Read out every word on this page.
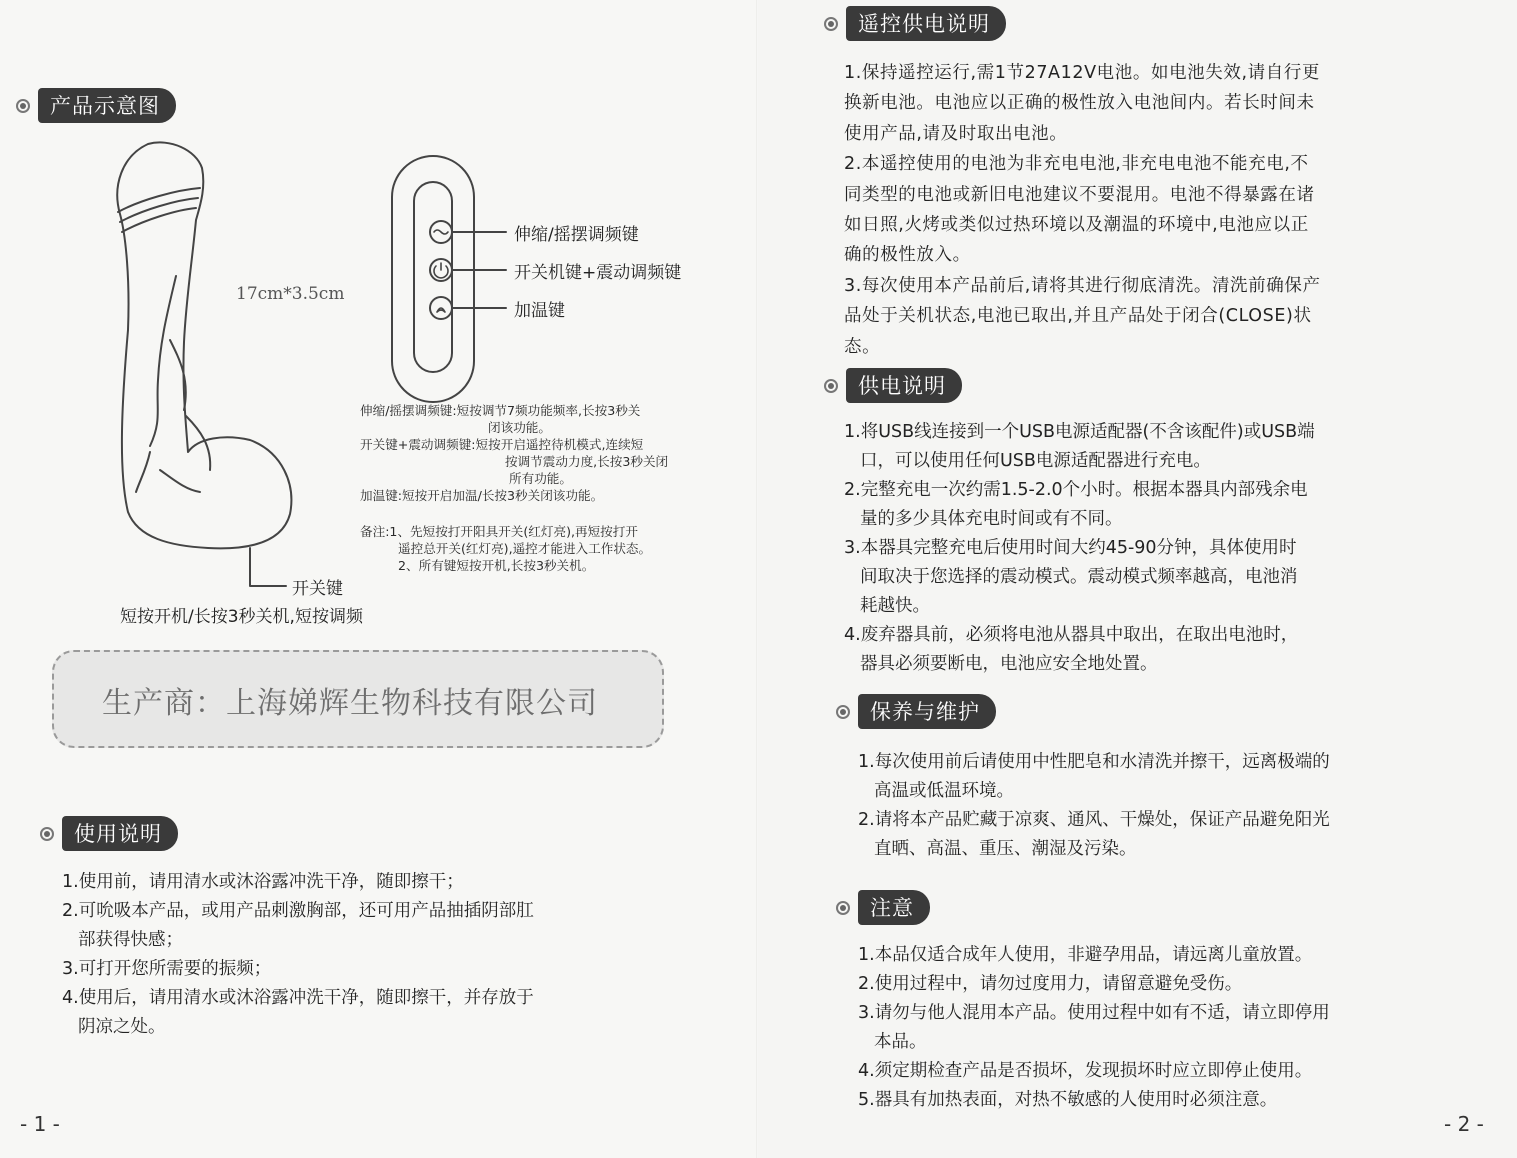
产品示意图
17cm*3.5cm
伸缩/摇摆调频键
开关机键+震动调频键
加温键
开关键
短按开机/长按3秒关机,短按调频

伸缩/摇摆调频键:短按调节7频功能频率,长按3秒关

闭该功能。

开关键+震动调频键:短按开启遥控待机模式,连续短

按调节震动力度,长按3秒关闭

所有功能。

加温键:短按开启加温/长按3秒关闭该功能。

备注:1、先短按打开阳具开关(红灯亮),再短按打开

遥控总开关(红灯亮),遥控才能进入工作状态。

2、所有键短按开机,长按3秒关机。

生产商：上海娣辉生物科技有限公司
使用说明

1.使用前，请用清水或沐浴露冲洗干净，随即擦干；

2.可吮吸本产品，或用产品刺激胸部，还可用产品抽插阴部肛

部获得快感；

3.可打开您所需要的振频；

4.使用后，请用清水或沐浴露冲洗干净，随即擦干，并存放于

阴凉之处。

- 1 -
遥控供电说明

1.保持遥控运行,需1节27A12V电池。如电池失效,请自行更

换新电池。电池应以正确的极性放入电池间内。若长时间未

使用产品,请及时取出电池。

2.本遥控使用的电池为非充电电池,非充电电池不能充电,不

同类型的电池或新旧电池建议不要混用。电池不得暴露在诸

如日照,火烤或类似过热环境以及潮温的环境中,电池应以正

确的极性放入。

3.每次使用本产品前后,请将其进行彻底清洗。清洗前确保产

品处于关机状态,电池已取出,并且产品处于闭合(CLOSE)状

态。

供电说明

1.将USB线连接到一个USB电源适配器(不含该配件)或USB端

口，可以使用任何USB电源适配器进行充电。

2.完整充电一次约需1.5-2.0个小时。根据本器具内部残余电

量的多少具体充电时间或有不同。

3.本器具完整充电后使用时间大约45-90分钟，具体使用时

间取决于您选择的震动模式。震动模式频率越高，电池消

耗越快。

4.废弃器具前，必须将电池从器具中取出，在取出电池时，

器具必须要断电，电池应安全地处置。

保养与维护

1.每次使用前后请使用中性肥皂和水清洗并擦干，远离极端的

高温或低温环境。

2.请将本产品贮藏于凉爽、通风、干燥处，保证产品避免阳光

直晒、高温、重压、潮湿及污染。

注意

1.本品仅适合成年人使用，非避孕用品，请远离儿童放置。

2.使用过程中，请勿过度用力，请留意避免受伤。

3.请勿与他人混用本产品。使用过程中如有不适，请立即停用

本品。

4.须定期检查产品是否损坏，发现损坏时应立即停止使用。

5.器具有加热表面，对热不敏感的人使用时必须注意。

- 2 -
